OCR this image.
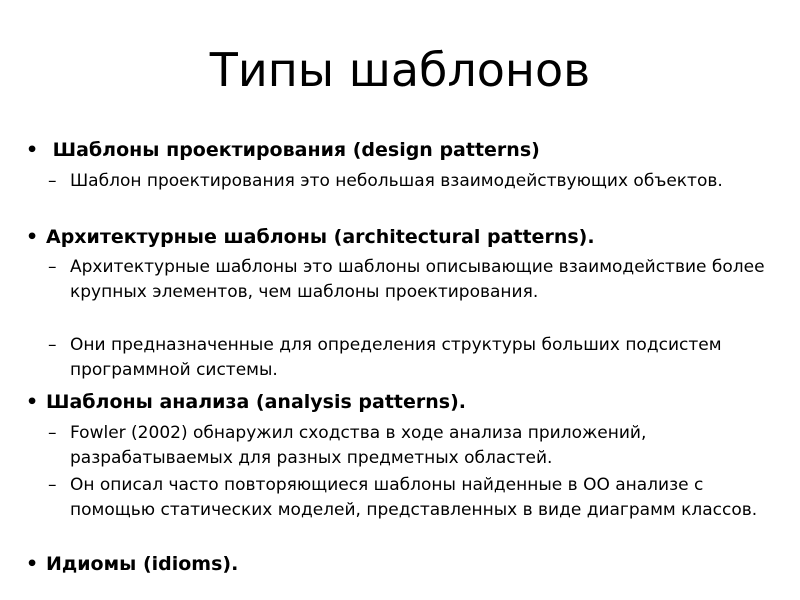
Типы шаблонов
• Шаблоны проектирования (design patterns)
– Шаблон проектирования это небольшая взаимодействующих объектов.
• Архитектурные шаблоны (architectural patterns).
– Архитектурные шаблоны это шаблоны описывающие взаимодействие более крупных элементов, чем шаблоны проектирования.
– Они предназначенные для определения структуры больших подсистем программной системы.
• Шаблоны анализа (analysis patterns).
– Fowler (2002) обнаружил сходства в ходе анализа приложений, разрабатываемых для разных предметных областей.
– Он описал часто повторяющиеся шаблоны найденные в ОО анализе с помощью статических моделей, представленных в виде диаграмм классов.
• Идиомы (idioms).
